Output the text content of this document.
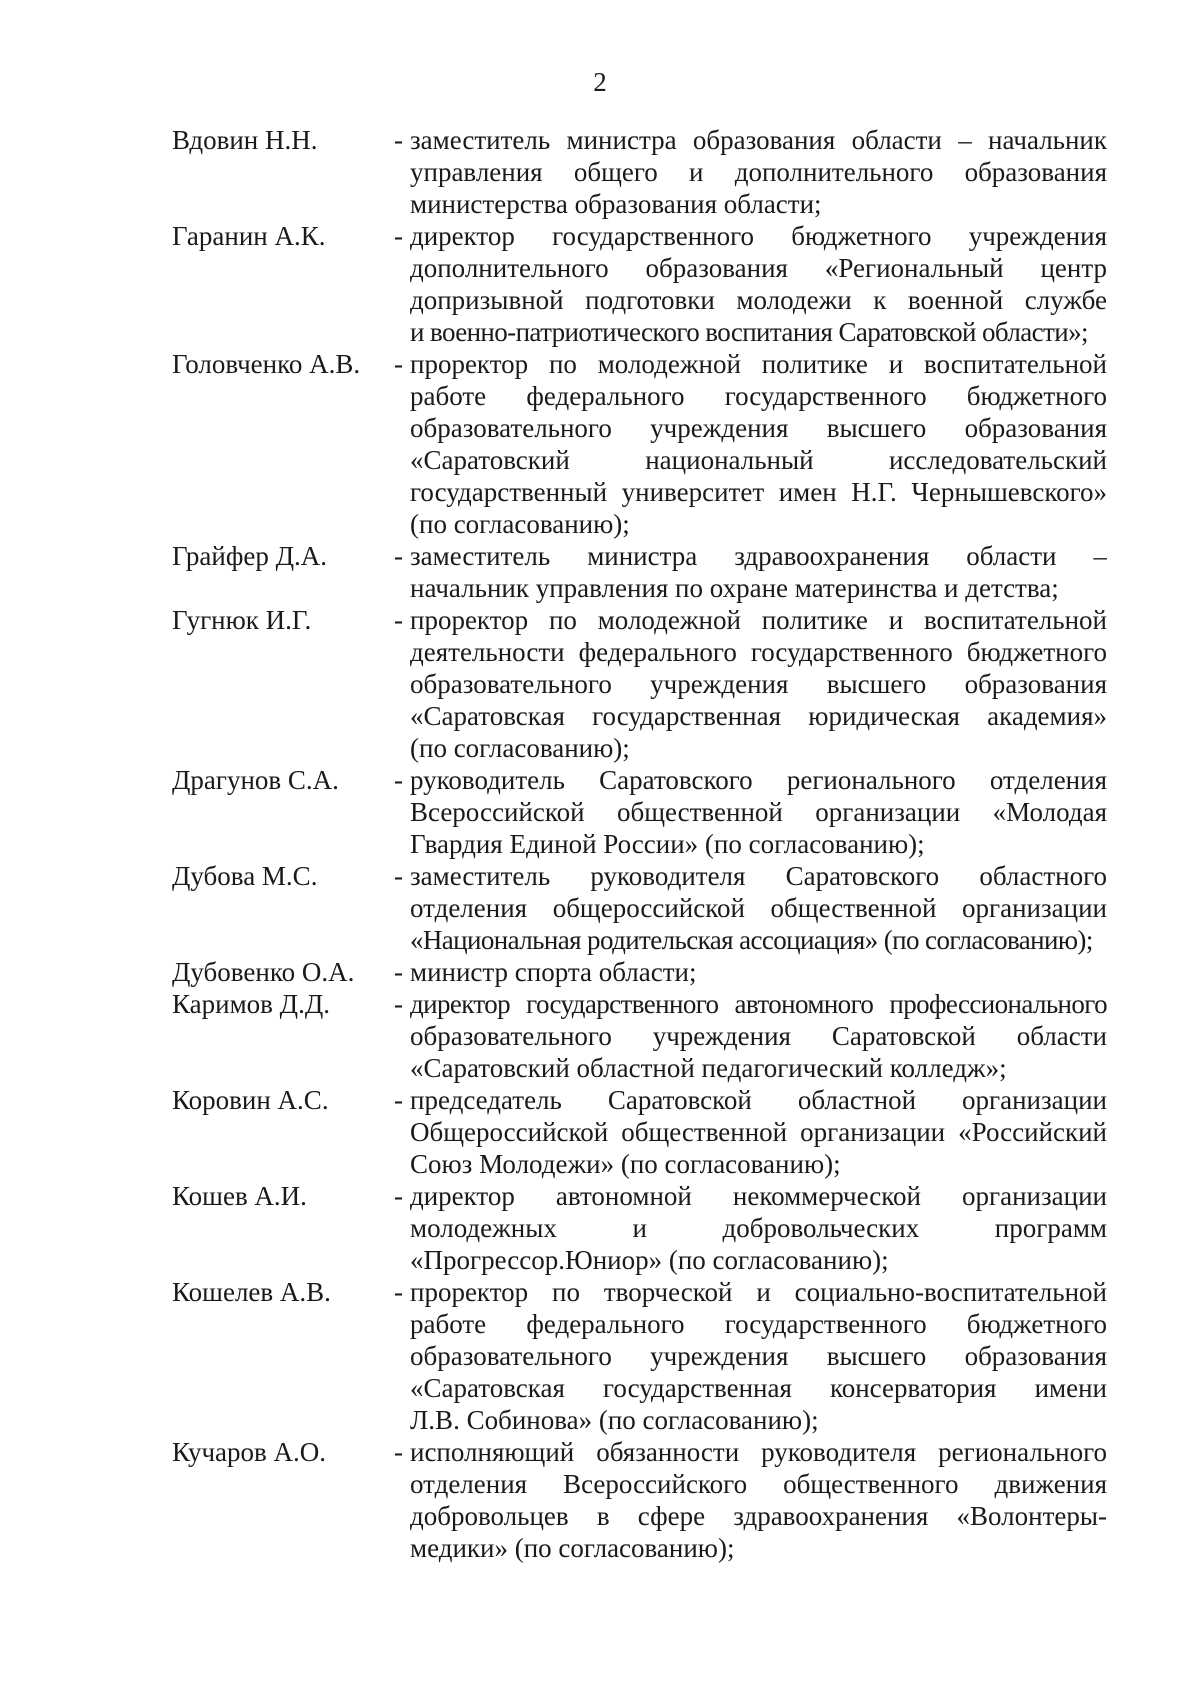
2
Вдовин Н.Н.	- заместитель министра образования области – начальник
управления общего и дополнительного образования
министерства образования области;
Гаранин А.К.	- директор государственного бюджетного учреждения
дополнительного образования «Региональный центр
допризывной подготовки молодежи к военной службе
и военно-патриотического воспитания Саратовской области»;
Головченко А.В.	- проректор по молодежной политике и воспитательной
работе федерального государственного бюджетного
образовательного учреждения высшего образования
«Саратовский национальный исследовательский
государственный университет имен Н.Г. Чернышевского»
(по согласованию);
Грайфер Д.А.	- заместитель министра здравоохранения области –
начальник управления по охране материнства и детства;
Гугнюк И.Г.	- проректор по молодежной политике и воспитательной
деятельности федерального государственного бюджетного
образовательного учреждения высшего образования
«Саратовская государственная юридическая академия»
(по согласованию);
Драгунов С.А.	- руководитель Саратовского регионального отделения
Всероссийской общественной организации «Молодая
Гвардия Единой России» (по согласованию);
Дубова М.С.	- заместитель руководителя Саратовского областного
отделения общероссийской общественной организации
«Национальная родительская ассоциация» (по согласованию);
Дубовенко О.А.	- министр спорта области;
Каримов Д.Д.	- директор государственного автономного профессионального
образовательного учреждения Саратовской области
«Саратовский областной педагогический колледж»;
Коровин А.С.	- председатель Саратовской областной организации
Общероссийской общественной организации «Российский
Союз Молодежи» (по согласованию);
Кошев А.И.	- директор автономной некоммерческой организации
молодежных и добровольческих программ
«Прогрессор.Юниор» (по согласованию);
Кошелев А.В.	- проректор по творческой и социально-воспитательной
работе федерального государственного бюджетного
образовательного учреждения высшего образования
«Саратовская государственная консерватория имени
Л.В. Собинова» (по согласованию);
Кучаров А.О.	- исполняющий обязанности руководителя регионального
отделения Всероссийского общественного движения
добровольцев в сфере здравоохранения «Волонтеры-
медики» (по согласованию);
